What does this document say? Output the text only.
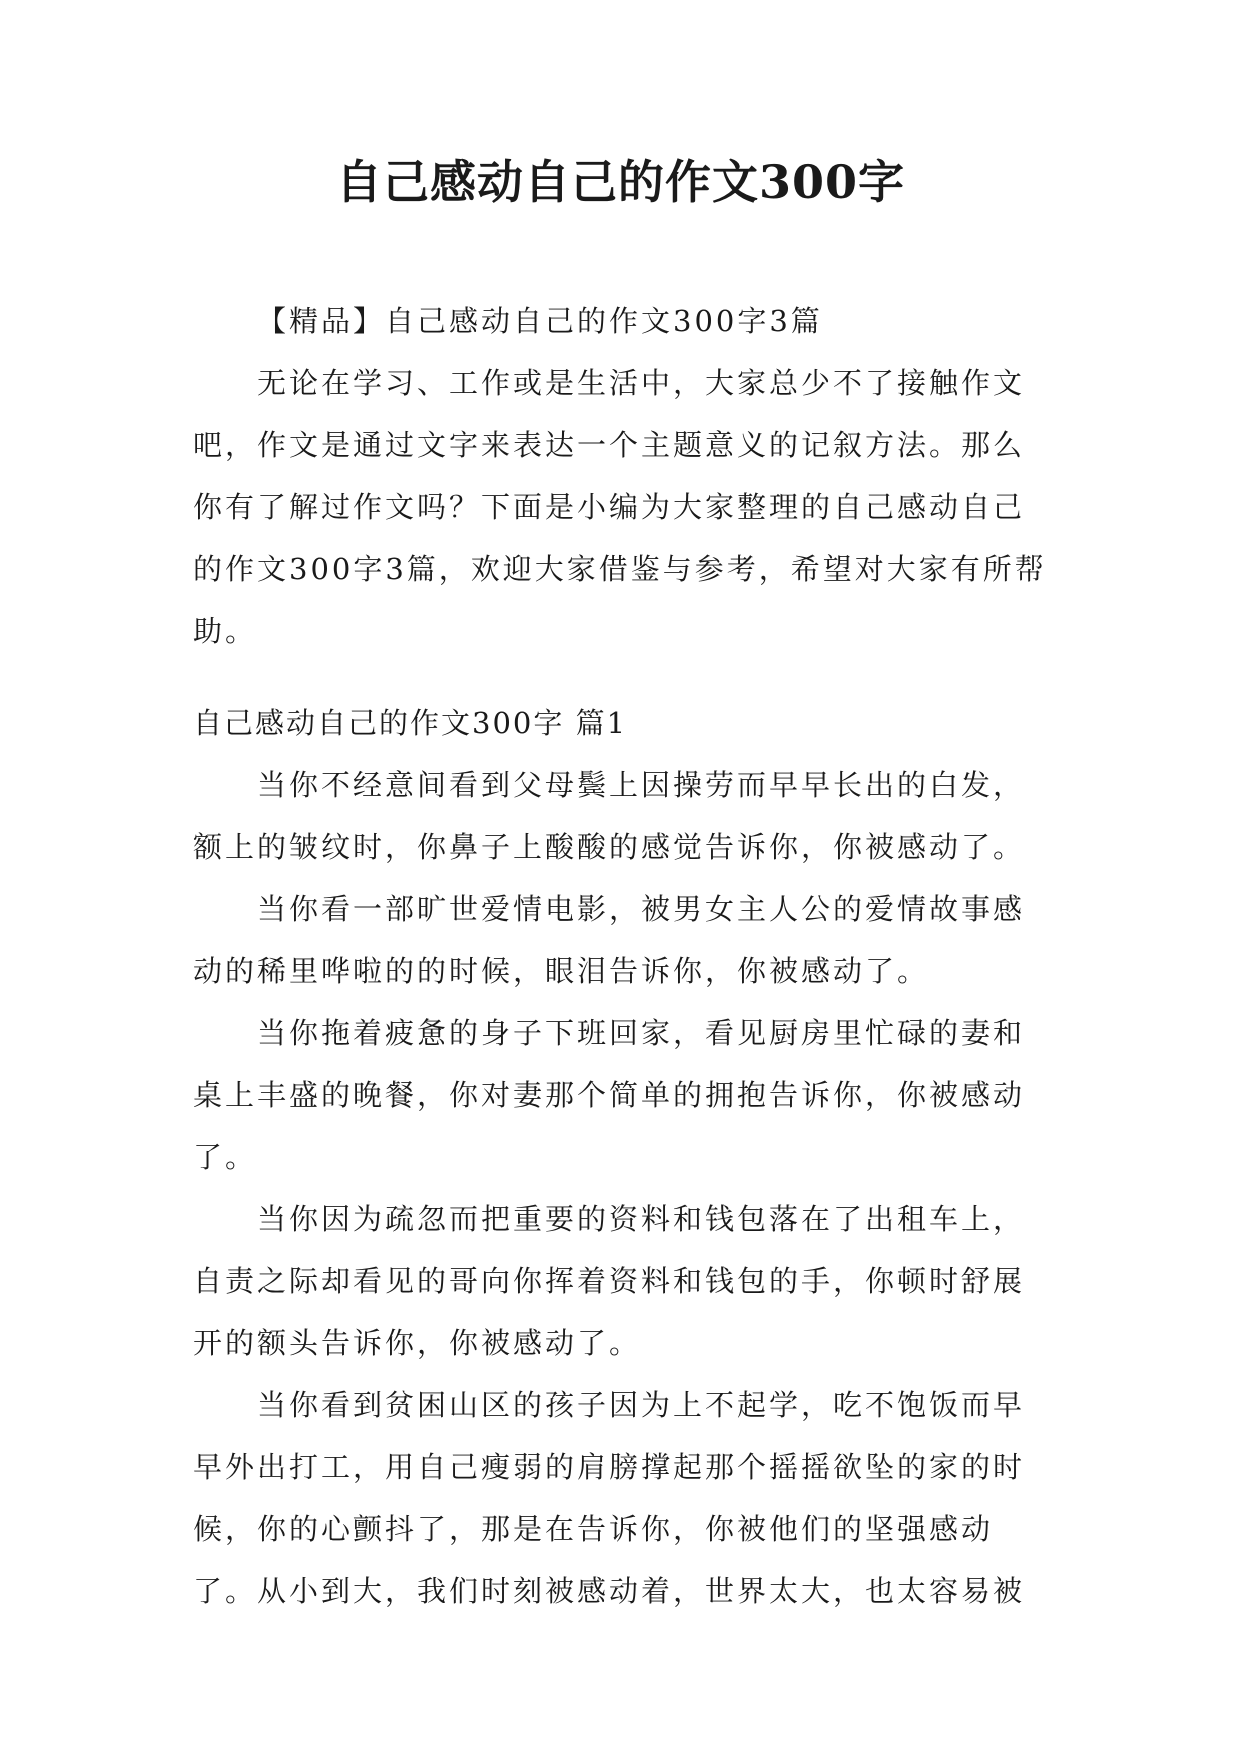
自己感动自己的作文300字

【精品】自己感动自己的作文300字3篇

无论在学习、工作或是生活中，大家总少不了接触作文吧，作文是通过文字来表达一个主题意义的记叙方法。那么你有了解过作文吗？下面是小编为大家整理的自己感动自己的作文300字3篇，欢迎大家借鉴与参考，希望对大家有所帮助。

自己感动自己的作文300字 篇1

当你不经意间看到父母鬓上因操劳而早早长出的白发，额上的皱纹时，你鼻子上酸酸的感觉告诉你，你被感动了。

当你看一部旷世爱情电影，被男女主人公的爱情故事感动的稀里哗啦的的时候，眼泪告诉你，你被感动了。

当你拖着疲惫的身子下班回家，看见厨房里忙碌的妻和桌上丰盛的晚餐，你对妻那个简单的拥抱告诉你，你被感动了。

当你因为疏忽而把重要的资料和钱包落在了出租车上，自责之际却看见的哥向你挥着资料和钱包的手，你顿时舒展开的额头告诉你，你被感动了。

当你看到贫困山区的孩子因为上不起学，吃不饱饭而早早外出打工，用自己瘦弱的肩膀撑起那个摇摇欲坠的家的时候，你的心颤抖了，那是在告诉你，你被他们的坚强感动了。 从小到大，我们时刻被感动着，世界太大，也太容易被
